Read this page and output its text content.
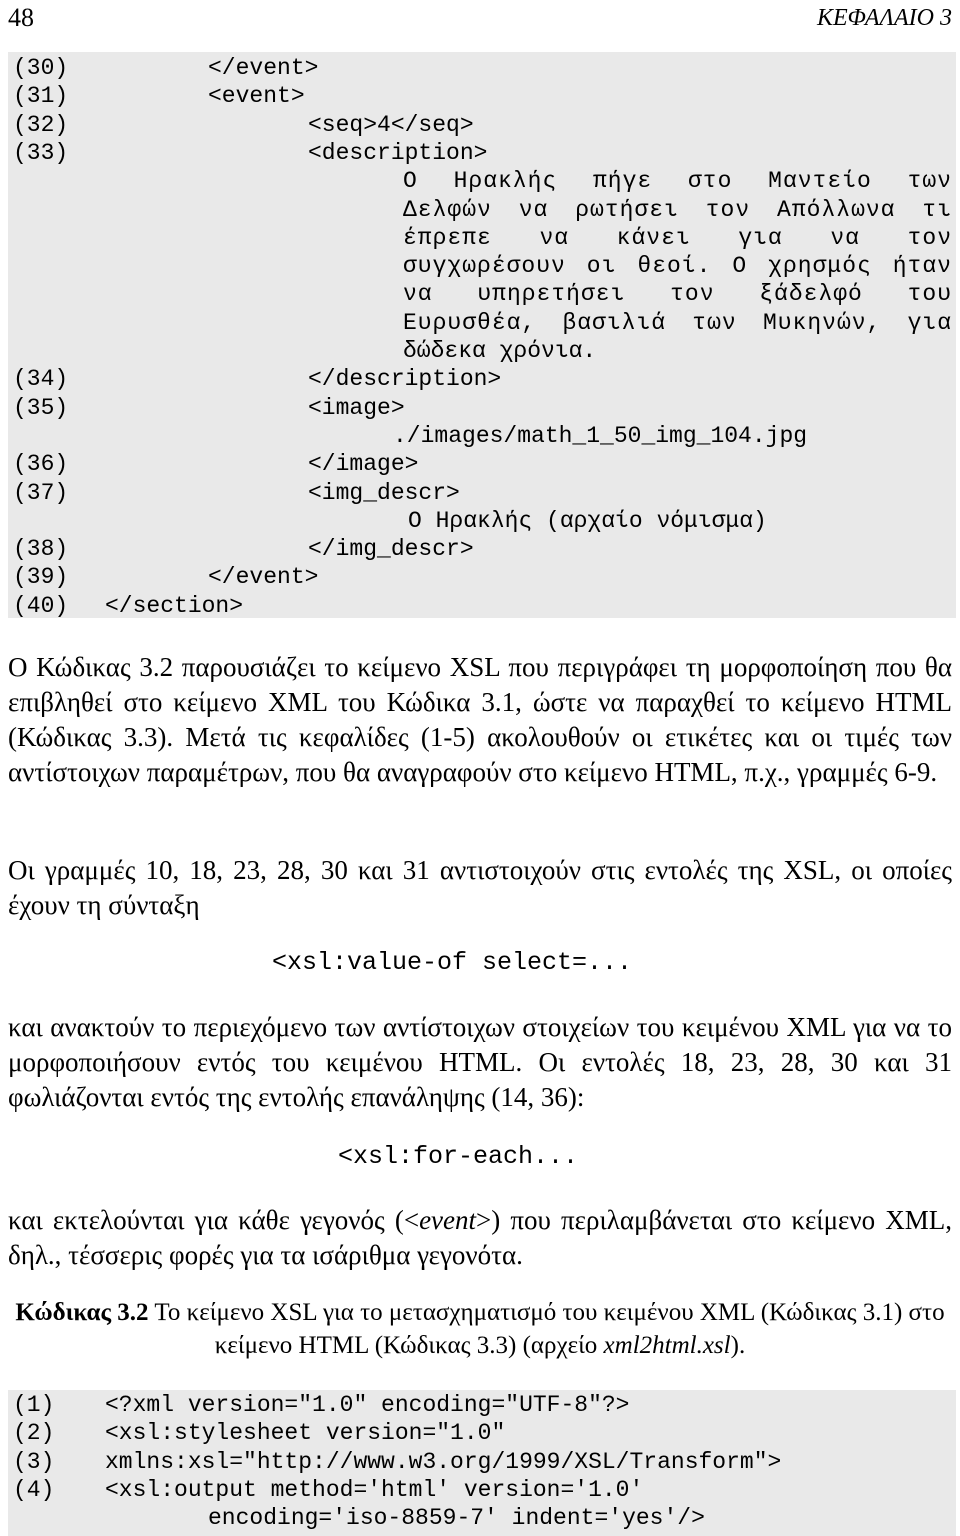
48	ΚΕΦΑΛΑΙΟ 3
(30)	</event>
(31)	<event>
(32)	<seq>4</seq>
(33)	<description>
Ο Ηρακλής πήγε στο Μαντείο των
Δελφών να ρωτήσει τον Απόλλωνα τι
έπρεπε να κάνει για να τον
συγχωρέσουν οι θεοί. Ο χρησμός ήταν
να υπηρετήσει τον ξάδελφό του
Ευρυσθέα, βασιλιά των Μυκηνών, για
δώδεκα χρόνια.
(34)	</description>
(35)	<image>
./images/math_1_50_img_104.jpg
(36)	</image>
(37)	<img_descr>
Ο Ηρακλής (αρχαίο νόμισμα)
(38)	</img_descr>
(39)	</event>
(40) </section>
Ο Κώδικας 3.2 παρουσιάζει το κείμενο XSL που περιγράφει τη μορφοποίηση που θα επιβληθεί στο κείμενο XML του Κώδικα 3.1, ώστε να παραχθεί το κείμενο HTML (Κώδικας 3.3). Μετά τις κεφαλίδες (1-5) ακολουθούν οι ετικέτες και οι τιμές των αντίστοιχων παραμέτρων, που θα αναγραφούν στο κείμενο HTML, π.χ., γραμμές 6-9.
Οι γραμμές 10, 18, 23, 28, 30 και 31 αντιστοιχούν στις εντολές της XSL, οι οποίες έχουν τη σύνταξη
<xsl:value-of select=...
και ανακτούν το περιεχόμενο των αντίστοιχων στοιχείων του κειμένου XML για να το μορφοποιήσουν εντός του κειμένου HTML. Οι εντολές 18, 23, 28, 30 και 31 φωλιάζονται εντός της εντολής επανάληψης (14, 36):
<xsl:for-each...
και εκτελούνται για κάθε γεγονός (<event>) που περιλαμβάνεται στο κείμενο XML, δηλ., τέσσερις φορές για τα ισάριθμα γεγονότα.
Κώδικας 3.2 Το κείμενο XSL για το μετασχηματισμό του κειμένου XML (Κώδικας 3.1) στο κείμενο HTML (Κώδικας 3.3) (αρχείο xml2html.xsl).
(1) <?xml version="1.0" encoding="UTF-8"?>
(2) <xsl:stylesheet version="1.0"
(3) xmlns:xsl="http://www.w3.org/1999/XSL/Transform">
(4) <xsl:output method='html' version='1.0'
encoding='iso-8859-7' indent='yes'/>
